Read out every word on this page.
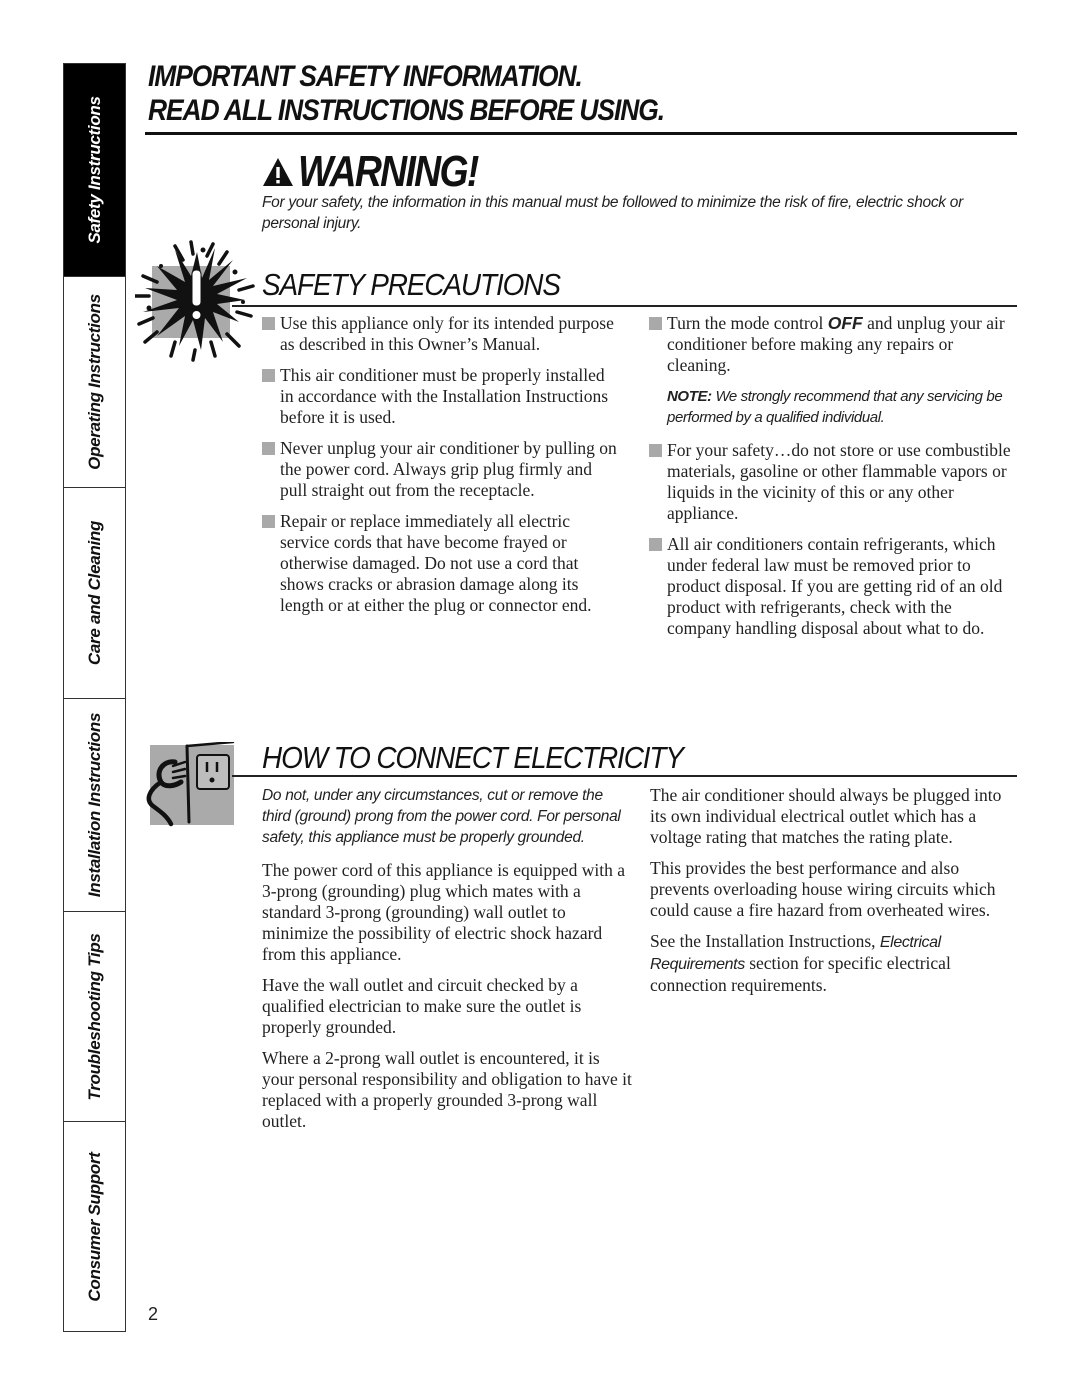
Safety Instructions
Operating Instructions
Care and Cleaning
Installation Instructions
Troubleshooting Tips
Consumer Support
IMPORTANT SAFETY INFORMATION.
READ ALL INSTRUCTIONS BEFORE USING.
WARNING!
For your safety, the information in this manual must be followed to minimize the risk of fire, electric shock or personal injury.
SAFETY PRECAUTIONS

Use this appliance only for its intended purpose as described in this Owner’s Manual.

This air conditioner must be properly installed in accordance with the Installation Instructions before it is used.

Never unplug your air conditioner by pulling on the power cord. Always grip plug firmly and pull straight out from the receptacle.

Repair or replace immediately all electric service cords that have become frayed or otherwise damaged. Do not use a cord that shows cracks or abrasion damage along its length or at either the plug or connector end.

Turn the mode control OFF and unplug your air conditioner before making any repairs or cleaning.

NOTE: We strongly recommend that any servicing be performed by a qualified individual.

For your safety…do not store or use combustible materials, gasoline or other flammable vapors or liquids in the vicinity of this or any other appliance.

All air conditioners contain refrigerants, which under federal law must be removed prior to product disposal. If you are getting rid of an old product with refrigerants, check with the company handling disposal about what to do.

HOW TO CONNECT ELECTRICITY

Do not, under any circumstances, cut or remove the third (ground) prong from the power cord. For personal safety, this appliance must be properly grounded.

The power cord of this appliance is equipped with a 3-prong (grounding) plug which mates with a standard 3-prong (grounding) wall outlet to minimize the possibility of electric shock hazard from this appliance.

Have the wall outlet and circuit checked by a qualified electrician to make sure the outlet is properly grounded.

Where a 2-prong wall outlet is encountered, it is your personal responsibility and obligation to have it replaced with a properly grounded 3-prong wall outlet.

The air conditioner should always be plugged into its own individual electrical outlet which has a voltage rating that matches the rating plate.

This provides the best performance and also prevents overloading house wiring circuits which could cause a fire hazard from overheated wires.

See the Installation Instructions, Electrical Requirements section for specific electrical connection requirements.

2
